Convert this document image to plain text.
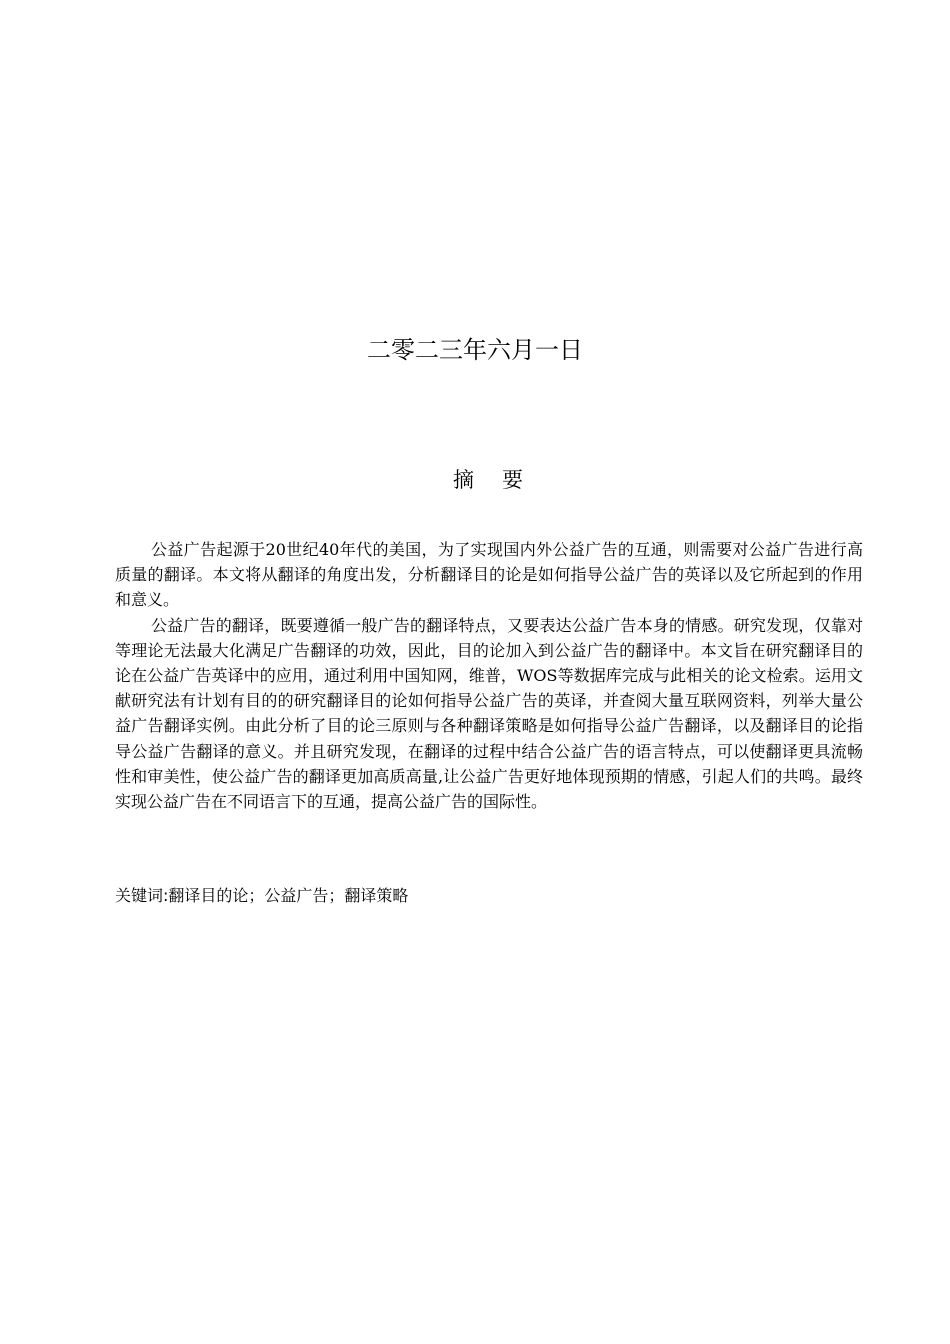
二零二三年六月一日
摘 要

公益广告起源于20世纪40年代的美国，为了实现国内外公益广告的互通，则需要对公益广告进行高质量的翻译。本文将从翻译的角度出发，分析翻译目的论是如何指导公益广告的英译以及它所起到的作用和意义。

公益广告的翻译，既要遵循一般广告的翻译特点，又要表达公益广告本身的情感。研究发现，仅靠对等理论无法最大化满足广告翻译的功效，因此，目的论加入到公益广告的翻译中。本文旨在研究翻译目的论在公益广告英译中的应用，通过利用中国知网，维普，WOS等数据库完成与此相关的论文检索。运用文献研究法有计划有目的的研究翻译目的论如何指导公益广告的英译，并查阅大量互联网资料，列举大量公益广告翻译实例。由此分析了目的论三原则与各种翻译策略是如何指导公益广告翻译，以及翻译目的论指导公益广告翻译的意义。并且研究发现，在翻译的过程中结合公益广告的语言特点，可以使翻译更具流畅性和审美性，使公益广告的翻译更加高质高量,让公益广告更好地体现预期的情感，引起人们的共鸣。最终实现公益广告在不同语言下的互通，提高公益广告的国际性。

关键词:翻译目的论；公益广告；翻译策略
